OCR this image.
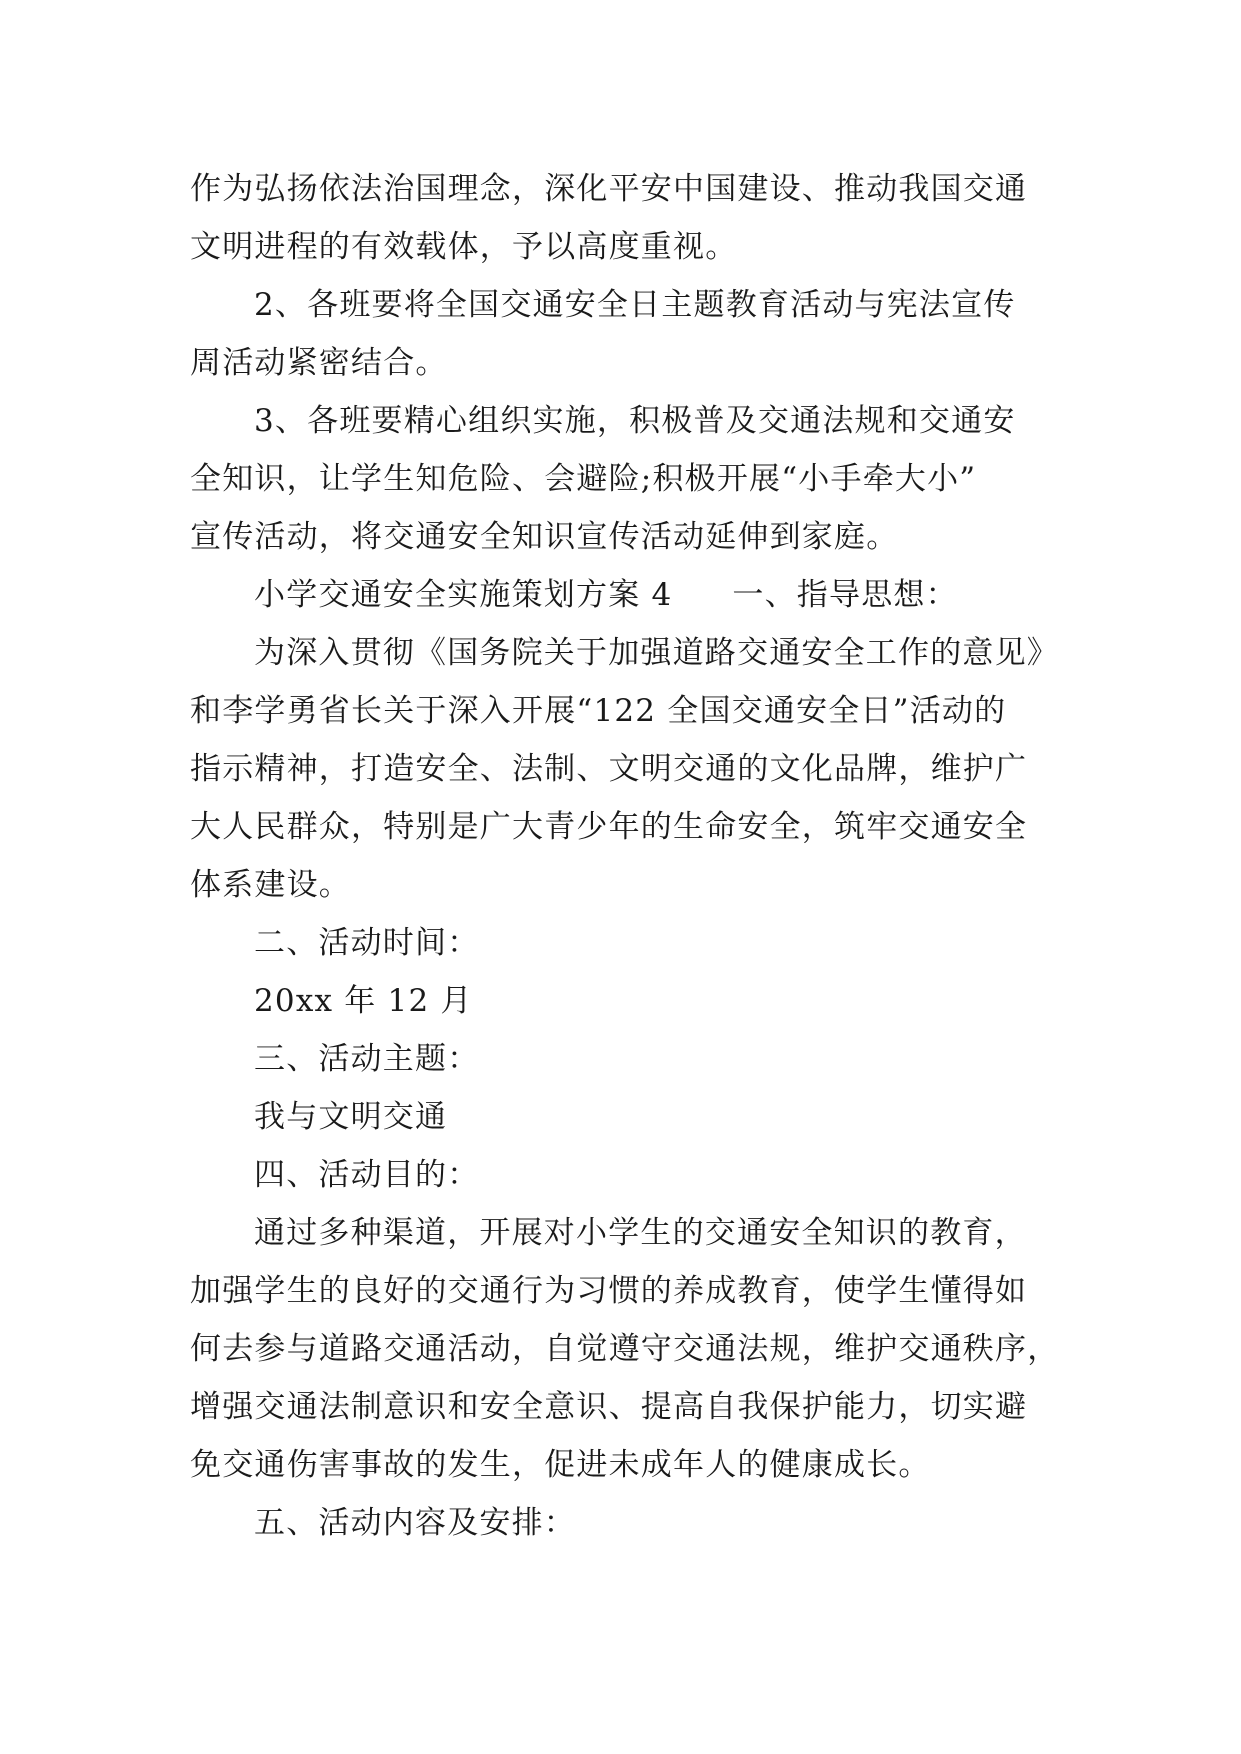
作为弘扬依法治国理念，深化平安中国建设、推动我国交通
文明进程的有效载体，予以高度重视。
2、各班要将全国交通安全日主题教育活动与宪法宣传
周活动紧密结合。
3、各班要精心组织实施，积极普及交通法规和交通安
全知识，让学生知危险、会避险;积极开展“小手牵大小”
宣传活动，将交通安全知识宣传活动延伸到家庭。
小学交通安全实施策划方案 4 一、指导思想：
为深入贯彻《国务院关于加强道路交通安全工作的意见》
和李学勇省长关于深入开展“122 全国交通安全日”活动的
指示精神，打造安全、法制、文明交通的文化品牌，维护广
大人民群众，特别是广大青少年的生命安全，筑牢交通安全
体系建设。
二、活动时间：
20xx 年 12 月
三、活动主题：
我与文明交通
四、活动目的：
通过多种渠道，开展对小学生的交通安全知识的教育，
加强学生的良好的交通行为习惯的养成教育，使学生懂得如
何去参与道路交通活动，自觉遵守交通法规，维护交通秩序，
增强交通法制意识和安全意识、提高自我保护能力，切实避
免交通伤害事故的发生，促进未成年人的健康成长。
五、活动内容及安排：
